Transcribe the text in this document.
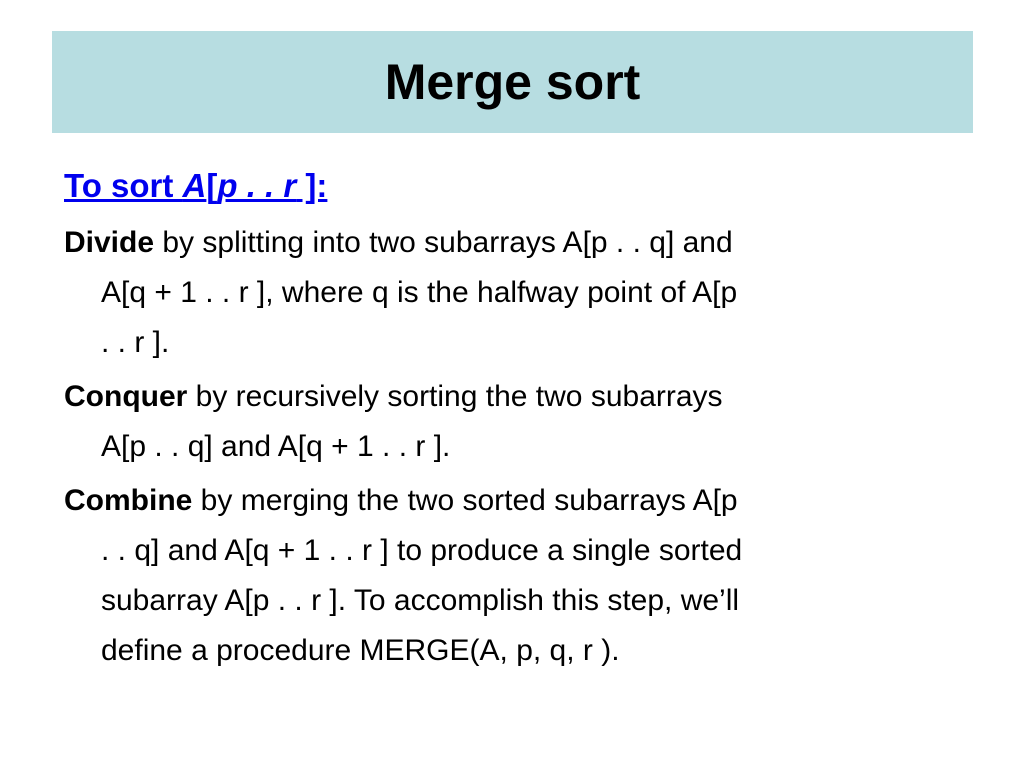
Merge sort
To sort A[p . . r ]:
Divide by splitting into two subarrays A[p . . q] and
A[q + 1 . . r ], where q is the halfway point of A[p
. . r ].
Conquer by recursively sorting the two subarrays
A[p . . q] and A[q + 1 . . r ].
Combine by merging the two sorted subarrays A[p
. . q] and A[q + 1 . . r ] to produce a single sorted
subarray A[p . . r ]. To accomplish this step, we’ll
define a procedure MERGE(A, p, q, r ).
